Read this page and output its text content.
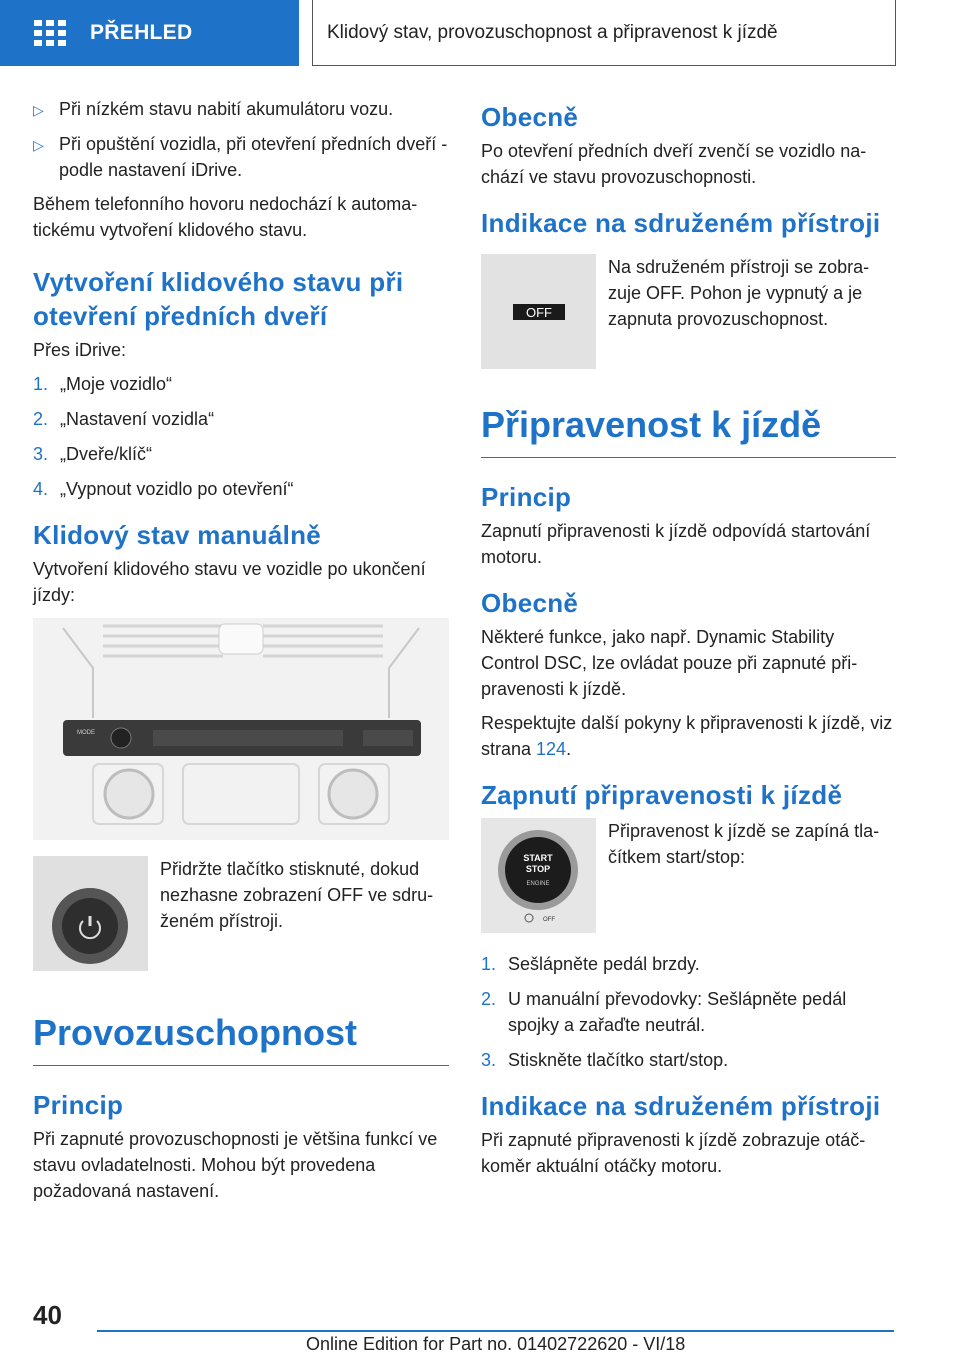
PŘEHLED	Klidový stav, provozuschopnost a připravenost k jízdě
▷ Při nízkém stavu nabití akumulátoru vozu.
▷ Při opuštění vozidla, při otevření předních dveří - podle nastavení iDrive.
Během telefonního hovoru nedochází k automatickému vytvoření klidového stavu.
Vytvoření klidového stavu při otevření předních dveří
Přes iDrive:
1. „Moje vozidlo“
2. „Nastavení vozidla“
3. „Dveře/klíč“
4. „Vypnout vozidlo po otevření“
Klidový stav manuálně
Vytvoření klidového stavu ve vozidle po ukončení jízdy:
MODE
Přidržte tlačítko stisknuté, dokud nezhasne zobrazení OFF ve sdruženém přístroji.
Provozuschopnost
Princip
Při zapnuté provozuschopnosti je většina funkcí ve stavu ovladatelnosti. Mohou být provedena požadovaná nastavení.
Obecně
Po otevření předních dveří zvenčí se vozidlo nachází ve stavu provozuschopnosti.
Indikace na sdruženém přístroji
OFF
Na sdruženém přístroji se zobrazuje OFF. Pohon je vypnutý a je zapnuta provozuschopnost.
Připravenost k jízdě
Princip
Zapnutí připravenosti k jízdě odpovídá startování motoru.
Obecně
Některé funkce, jako např. Dynamic Stability Control DSC, lze ovládat pouze při zapnuté připravenosti k jízdě.
Respektujte další pokyny k připravenosti k jízdě, viz strana 124.
Zapnutí připravenosti k jízdě
START
STOP
ENGINE
OFF
Připravenost k jízdě se zapíná tlačítkem start/stop:
1. Sešlápněte pedál brzdy.
2. U manuální převodovky: Sešlápněte pedál spojky a zařaďte neutrál.
3. Stiskněte tlačítko start/stop.
Indikace na sdruženém přístroji
Při zapnuté připravenosti k jízdě zobrazuje otáčkoměr aktuální otáčky motoru.
40
Online Edition for Part no. 01402722620 - VI/18
